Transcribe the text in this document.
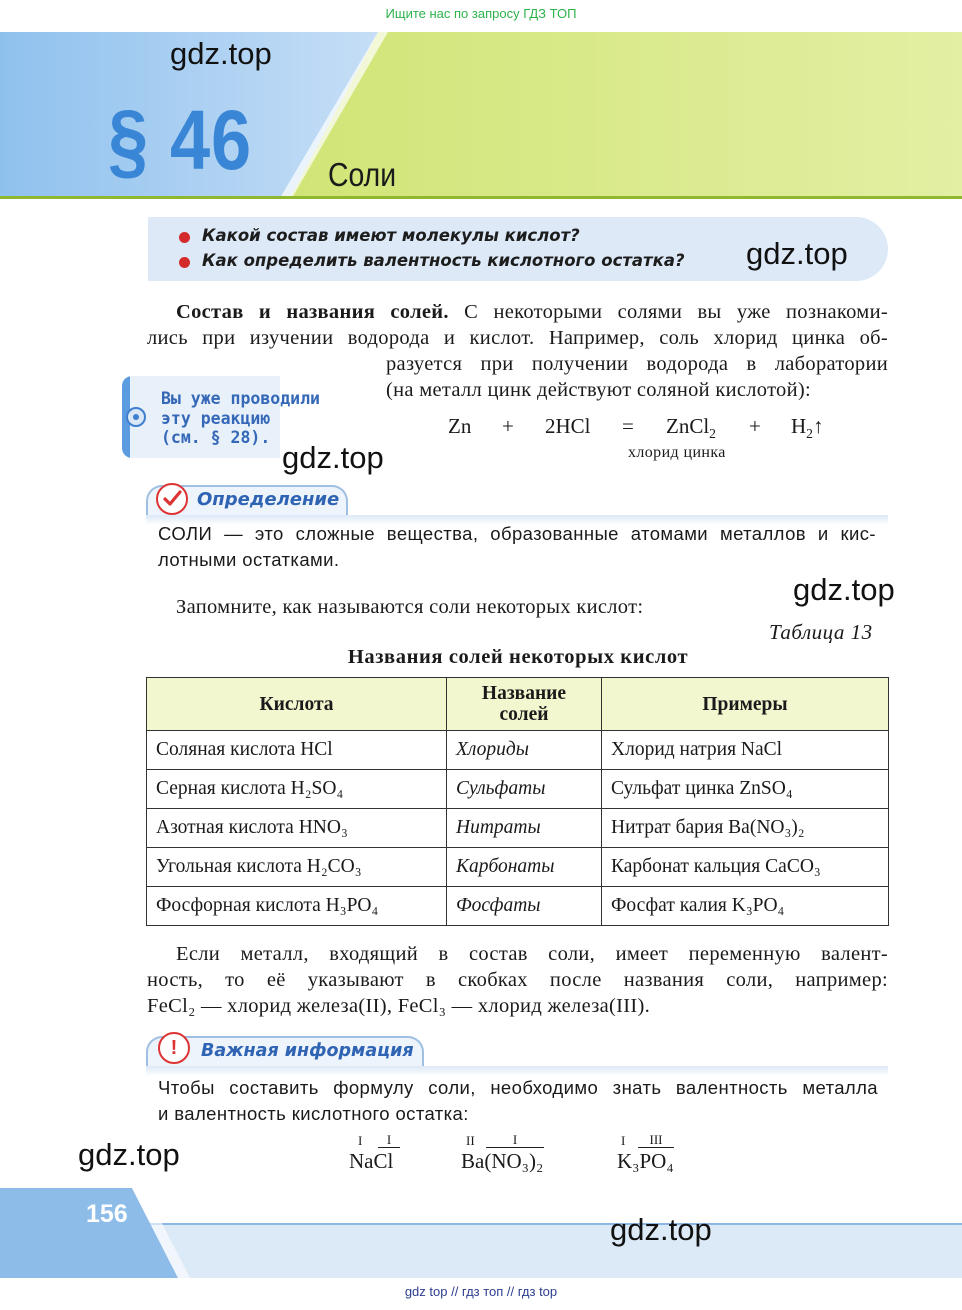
Ищите нас по запросу ГДЗ ТОП
§ 46 Соли
gdz.top
Какой состав имеют молекулы кислот?
Как определить валентность кислотного остатка? gdz.top
Состав и названия солей. С некоторыми солями вы уже познакоми-
лись при изучении водорода и кислот. Например, соль хлорид цинка об-
разуется при получении водорода в лаборатории
(на металл цинк действуют соляной кислотой):
Вы уже проводили
эту реакцию
(см. § 28).
gdz.top
Zn + 2HCl = ZnCl$_2$ + $H_2↑$
хлорид цинка
Определение
СОЛИ — это сложные вещества, образованные атомами металлов и кис-
лотными остатками.
Запомните, как называются соли некоторых кислот:	gdz.top
Таблица 13
Названия солей некоторых кислот
Кислота	Название солей	Примеры
Соляная кислота HCl	Хлориды	Хлорид натрия NaCl
Серная кислота H₂SO₄	Сульфаты	Сульфат цинка ZnSO₄
Азотная кислота HNO₃	Нитраты	Нитрат бария Ba(NO₃)₂
Угольная кислота H₂CO₃	Карбонаты	Карбонат кальция CaCO₃
Фосфорная кислота H₃PO₄	Фосфаты	Фосфат калия K₃PO₄
Если металл, входящий в состав соли, имеет переменную валент-
ность, то её указывают в скобках после названия соли, например:
FeCl₂ — хлорид железа(II), FeCl₃ — хлорид железа(III).
!	Важная информация
Чтобы составить формулу соли, необходимо знать валентность металла
и валентность кислотного остатка:
I	I
NaCl
II	I
Ba(NO₃)₂
I	III
K₃PO₄
gdz.top
156	gdz.top
gdz top // гдз топ // гдз top
